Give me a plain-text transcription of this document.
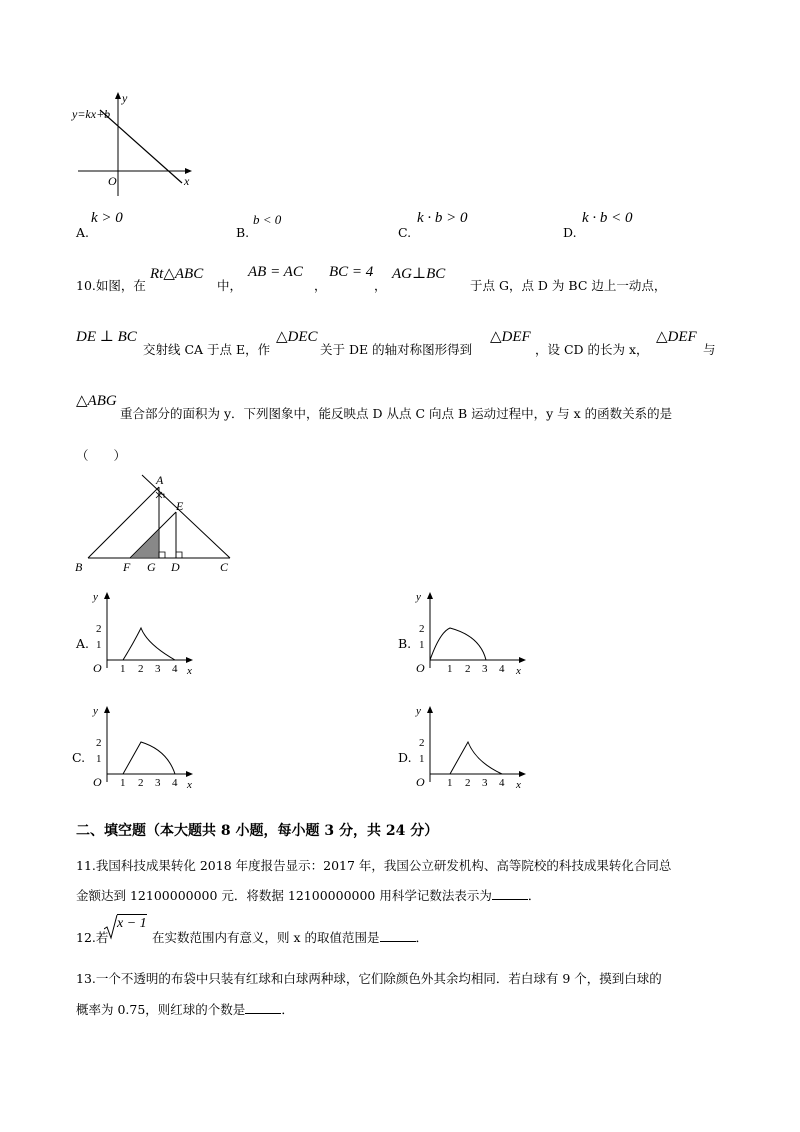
y=kx+b
y
x
O
A.
k > 0
B.
b < 0
C.
k · b > 0
D.
k · b < 0
10.如图，在
Rt△ABC
中，
AB = AC
，
BC = 4
，
AG⊥BC
于点 G，点 D 为 BC 边上一动点，
DE ⊥ BC
交射线 CA 于点 E，作
△DEC
关于 DE 的轴对称图形得到
△DEF
，设 CD 的长为 x，
△DEF
与
△ABG
重合部分的面积为 y．下列图象中，能反映点 D 从点 C 向点 B 运动过程中，y 与 x 的函数关系的是
（　　）
A
E
B	F G D	C
A.
y
x
O 1 2 3 4
2
1	B.
y
x
O 1 2 3 4
2
1
C.
y
x
O 1 2 3 4
2
1	D.
y
x
O 1 2 3 4
2
1
二、填空题（本大题共 8 小题，每小题 3 分，共 24 分）
11.我国科技成果转化 2018 年度报告显示：2017 年，我国公立研发机构、高等院校的科技成果转化合同总
金额达到 12100000000 元．将数据 12100000000 用科学记数法表示为	．
12.若
x − 1
在实数范围内有意义，则 x 的取值范围是	．
13.一个不透明的布袋中只装有红球和白球两种球，它们除颜色外其余均相同．若白球有 9 个，摸到白球的
概率为 0.75，则红球的个数是	．
